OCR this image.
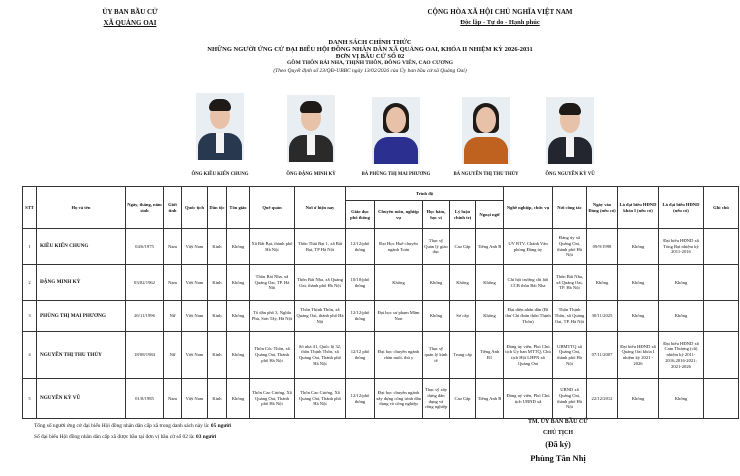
ỦY BAN BẦU CỬ
XÃ QUẢNG OAI
CỘNG HÒA XÃ HỘI CHỦ NGHĨA VIỆT NAM
Độc lập - Tự do - Hạnh phúc
DANH SÁCH CHÍNH THỨC
NHỮNG NGƯỜI ỨNG CỬ ĐẠI BIỂU HỘI ĐỒNG NHÂN DÂN XÃ QUẢNG OAI, KHÓA II NHIỆM KỲ 2026-2031
ĐƠN VỊ BẦU CỬ SỐ 02
GỒM THÔN BÁI NHA, THỊNH THÔN, ĐÔNG VIÊN, CAO CƯƠNG
(Theo Quyết định số 23/QĐ-UBBC ngày 13/02/2026 của Ủy ban bầu cử xã Quảng Oai)
ÔNG KIỀU KIẾN CHUNG	ÔNG ĐẶNG MINH KỲ	BÀ PHÙNG THỊ MAI PHƯƠNG	BÀ NGUYỄN THỊ THU THỦY	ÔNG NGUYỄN KỲ VŨ
STT	Họ và tên	Ngày, tháng, năm sinh	Giới tính	Quốc tịch	Dân tộc	Tôn giáo	Quê quán	Nơi ở hiện nay	Trình độ					Nghề nghiệp, chức vụ	Nơi công tác	Ngày vào Đảng (nếu có)	Là đại biểu HĐND khóa I (nếu có)	Là đại biểu HĐND (nếu có)	Ghi chú
									Giáo dục phổ thông	Chuyên môn, nghiệp vụ	Học hàm, học vị	Lý luận chính trị	Ngoại ngữ						
1	KIỀU KIẾN CHUNG	04/6/1975	Nam	Việt Nam	Kinh	Không	Xã Bất Bạt, thành phố Hà Nội	Thôn Thái Bạt 1, xã Bất Bạt, TP Hà Nội	12/12/phổ thông	Đại Học Huế chuyên ngành Toán	Thạc sỹ Quản lý giáo dục	Cao Cấp	Tiếng Anh B	UV BTV, Chánh Văn phòng Đảng ủy	Đảng ủy xã Quảng Oai, thành phố Hà Nội	09/9/1998	Không	Đại biểu HĐND xã Tòng Bạt nhiệm kỳ 2011-2016	
2	ĐẶNG MINH KỲ	03/02/1962	Nam	Việt Nam	Kinh	Không	Thôn Bái Nha, xã Quảng Oai, TP. Hà Nội	Thôn Bái Nha, xã Quảng Oai, thành phố Hà Nội	10/10/phổ thông	Không	Không	Không	Không	Chi hội trưởng chi hội CCB thôn Bái Nha	Thôn Bái Nha, xã Quảng Oai, TP. Hà Nội	Không	Không	Không	
3	PHÙNG THỊ MAI PHƯƠNG	26/11/1996	Nữ	Việt Nam	Kinh	Không	Tổ dân phố 3, Nghĩa Phủ, Sơn Tây, Hà Nội	Thôn Thịnh Thôn, xã Quảng Oai, thành phố Hà Nội	12/12/phổ thông	Đại học sư phạm Mầm Non	Không	Sơ cấp	Không	Đại diện nhân dân (Bí thư Chi đoàn thôn Thịnh Thôn)	Thôn Thịnh Thôn, xã Quảng Oai, TP. Hà Nội	30/11/2025	Không	Không	
4	NGUYỄN THỊ THU THỦY	18/08/1984	Nữ	Việt Nam	Kinh	Không	Thôn Cốc Thôn, xã Quảng Oai, Thành phố Hà Nội	Số nhà 41, Quốc lộ 32, thôn Thịnh Thôn, xã Quảng Oai, Thành phố Hà Nội	12/12 phổ thông	Đại học chuyên ngành chăn nuôi, thú y	Thạc sỹ quản lý kinh tế	Trung cấp	Tiếng Anh B1	Đảng ủy viên, Phó Chủ tịch Ủy ban MTTQ, Chủ tịch Hội LHPN xã Quảng Oai	UBMTTQ xã Quảng Oai, thành phố Hà Nội	07/11/2007	Đại biểu HĐND xã Quảng Oai khóa I nhiệm kỳ 2021 - 2026	Đại biểu HĐND xã Cam Thượng (cũ) nhiệm kỳ 2011-2016,2016-2021; 2021-2026	
5	NGUYỄN KỲ VŨ	01/8/1985	Nam	Việt Nam	Kinh	Không	Thôn Cao Cương, Xã Quảng Oai, Thành phố Hà Nội	Thôn Cao Cương, Xã Quảng Oai, Thành phố Hà Nội	12/12/phổ thông	Đại học chuyên ngành xây dựng công trình dân dụng và công nghiệp	Thạc sỹ xây dựng dân dụng và công nghiệp	Cao Cấp	Tiếng Anh B	Đảng uỷ viên, Phó Chủ tịch UBND xã	UBND xã Quảng Oai, thành phố Hà Nội	22/12/2012	Không	Không	
Tổng số người ứng cử đại biểu Hội đồng nhân dân cấp xã trong danh sách này là: 05 người
Số đại biểu Hội đồng nhân dân cấp xã được bầu tại đơn vị bầu cử số 02 là: 03 người
TM. ỦY BAN BẦU CỬ
CHỦ TỊCH
(Đã ký)
Phùng Tân Nhị
